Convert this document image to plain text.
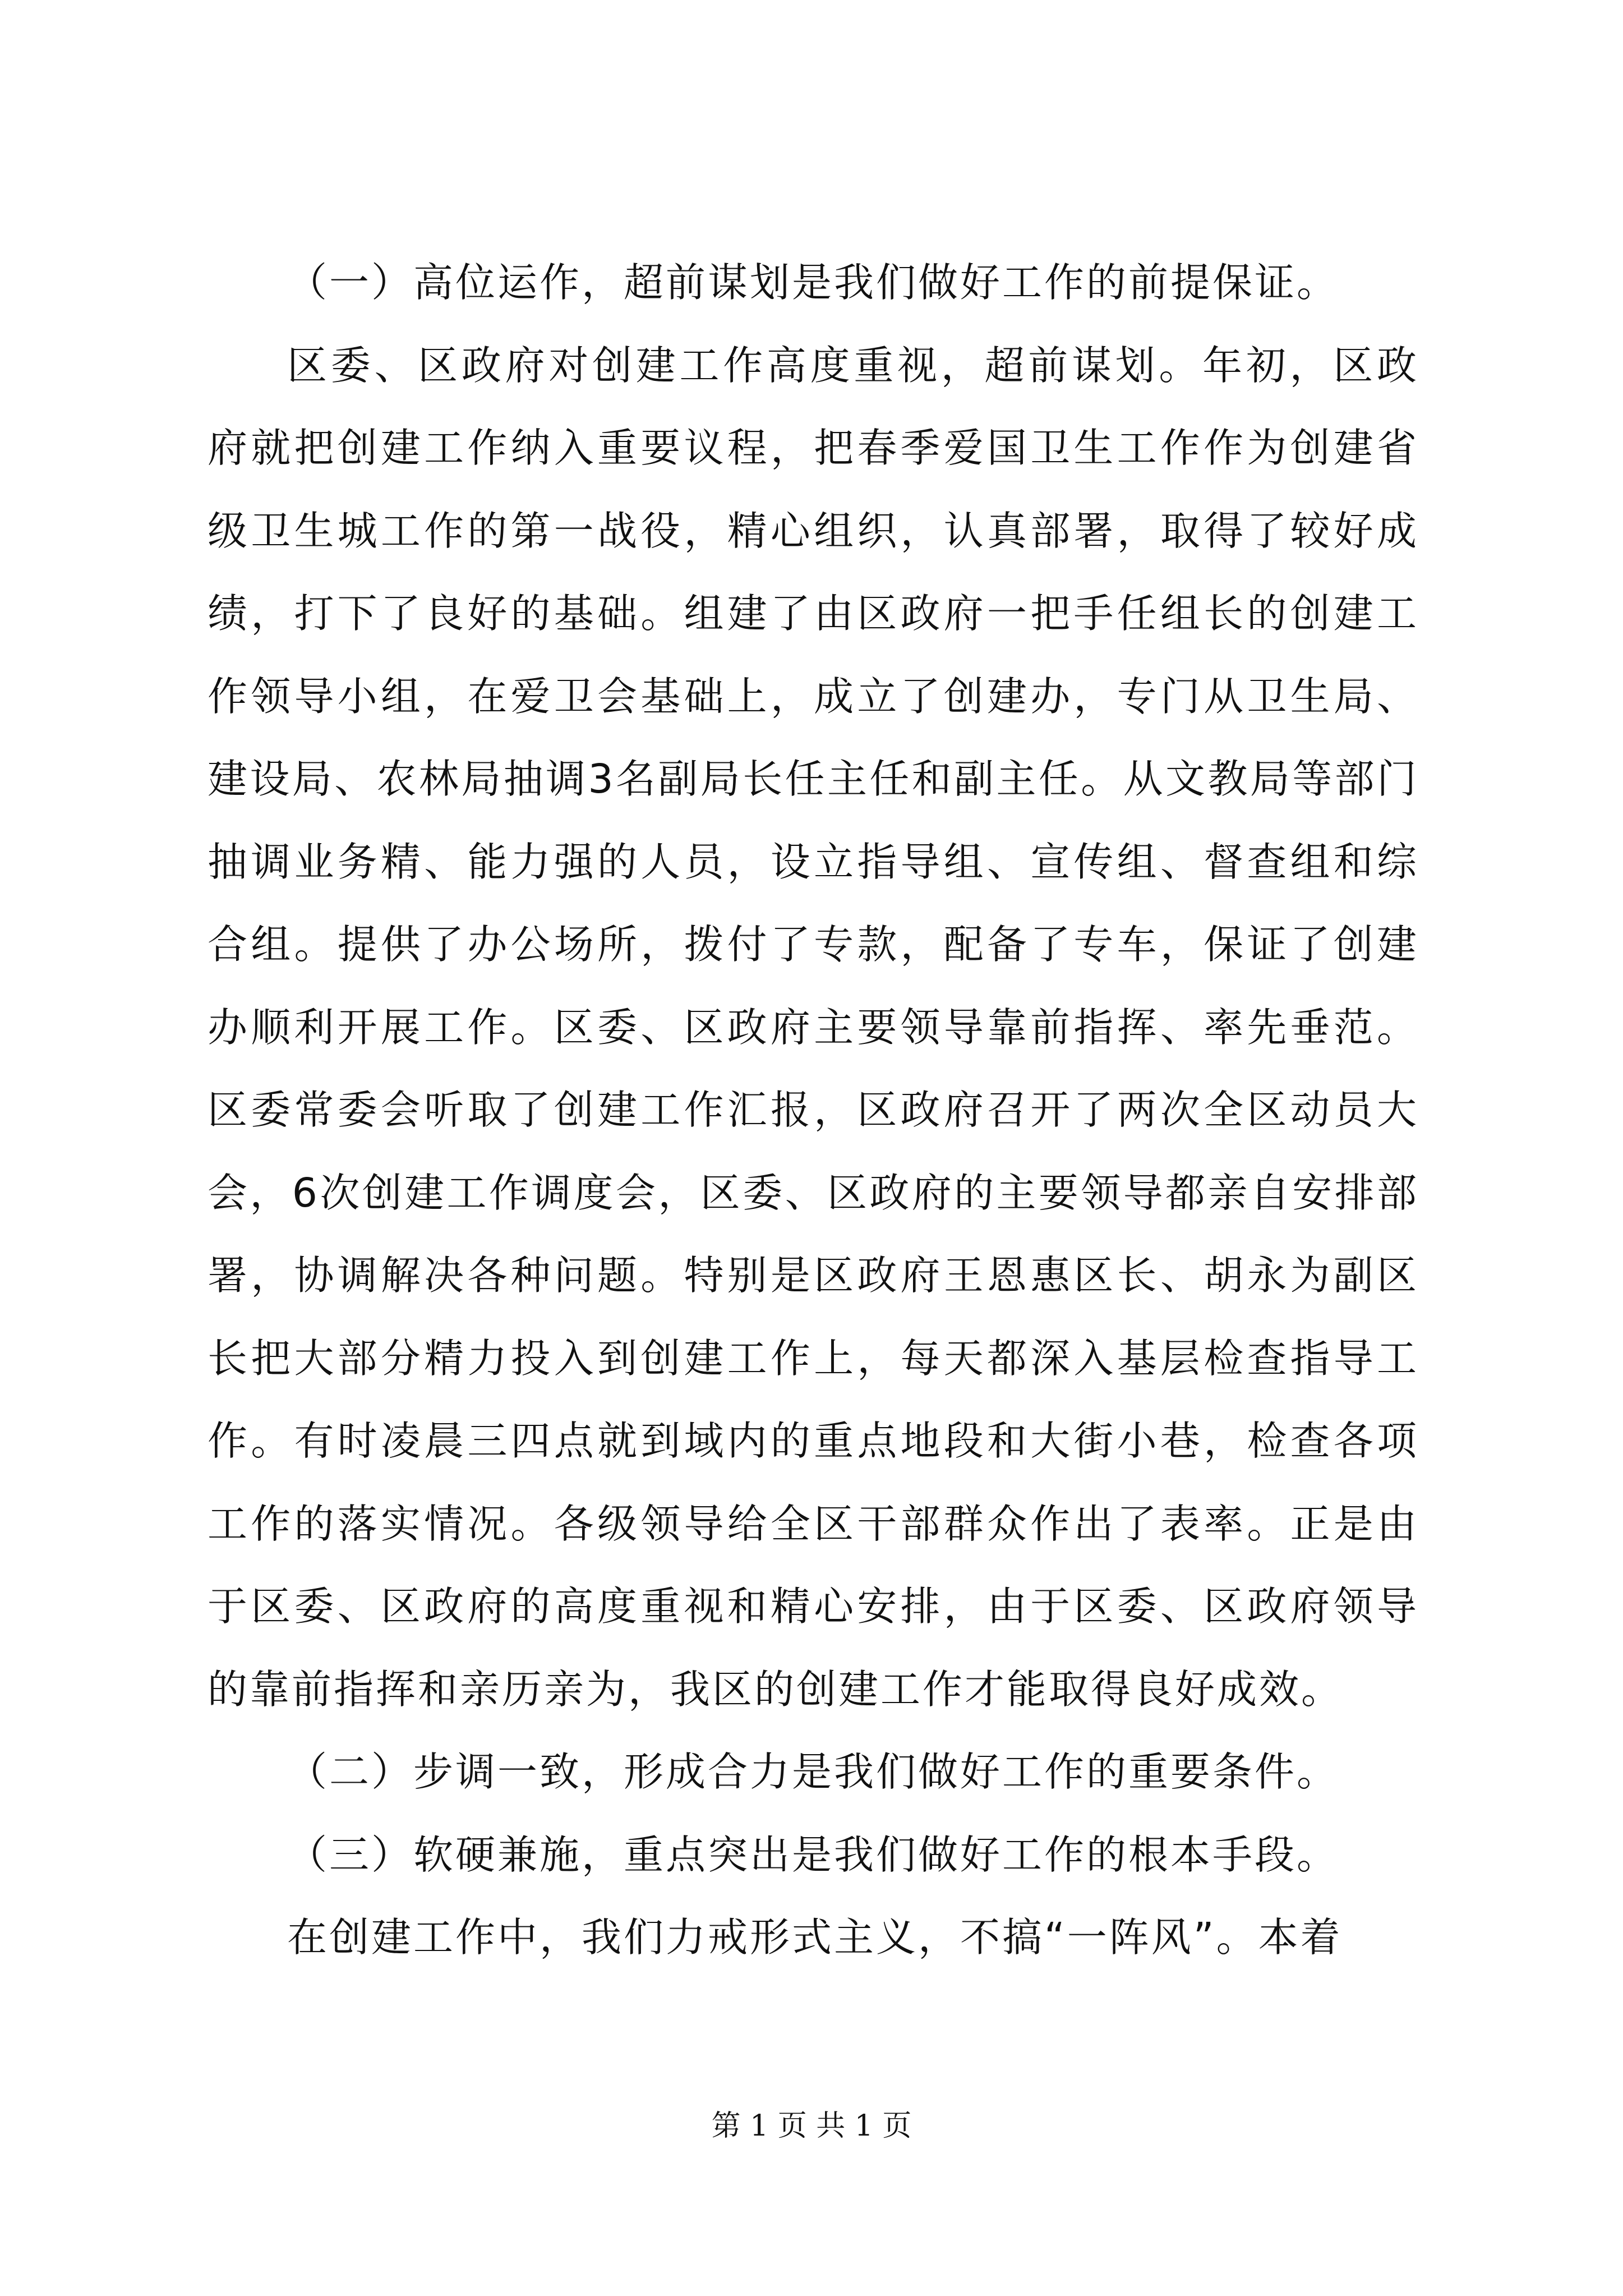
（一）高位运作，超前谋划是我们做好工作的前提保证。

区委、区政府对创建工作高度重视，超前谋划。年初，区政府就把创建工作纳入重要议程，把春季爱国卫生工作作为创建省级卫生城工作的第一战役，精心组织，认真部署，取得了较好成绩，打下了良好的基础。组建了由区政府一把手任组长的创建工作领导小组，在爱卫会基础上，成立了创建办，专门从卫生局、建设局、农林局抽调3名副局长任主任和副主任。从文教局等部门抽调业务精、能力强的人员，设立指导组、宣传组、督查组和综合组。提供了办公场所，拨付了专款，配备了专车，保证了创建办顺利开展工作。区委、区政府主要领导靠前指挥、率先垂范。区委常委会听取了创建工作汇报，区政府召开了两次全区动员大会，6次创建工作调度会，区委、区政府的主要领导都亲自安排部署，协调解决各种问题。特别是区政府王恩惠区长、胡永为副区长把大部分精力投入到创建工作上，每天都深入基层检查指导工作。有时凌晨三四点就到域内的重点地段和大街小巷，检查各项工作的落实情况。各级领导给全区干部群众作出了表率。正是由于区委、区政府的高度重视和精心安排，由于区委、区政府领导的靠前指挥和亲历亲为，我区的创建工作才能取得良好成效。

（二）步调一致，形成合力是我们做好工作的重要条件。

（三）软硬兼施，重点突出是我们做好工作的根本手段。

在创建工作中，我们力戒形式主义，不搞“一阵风”。本着

第 1 页 共 1 页
